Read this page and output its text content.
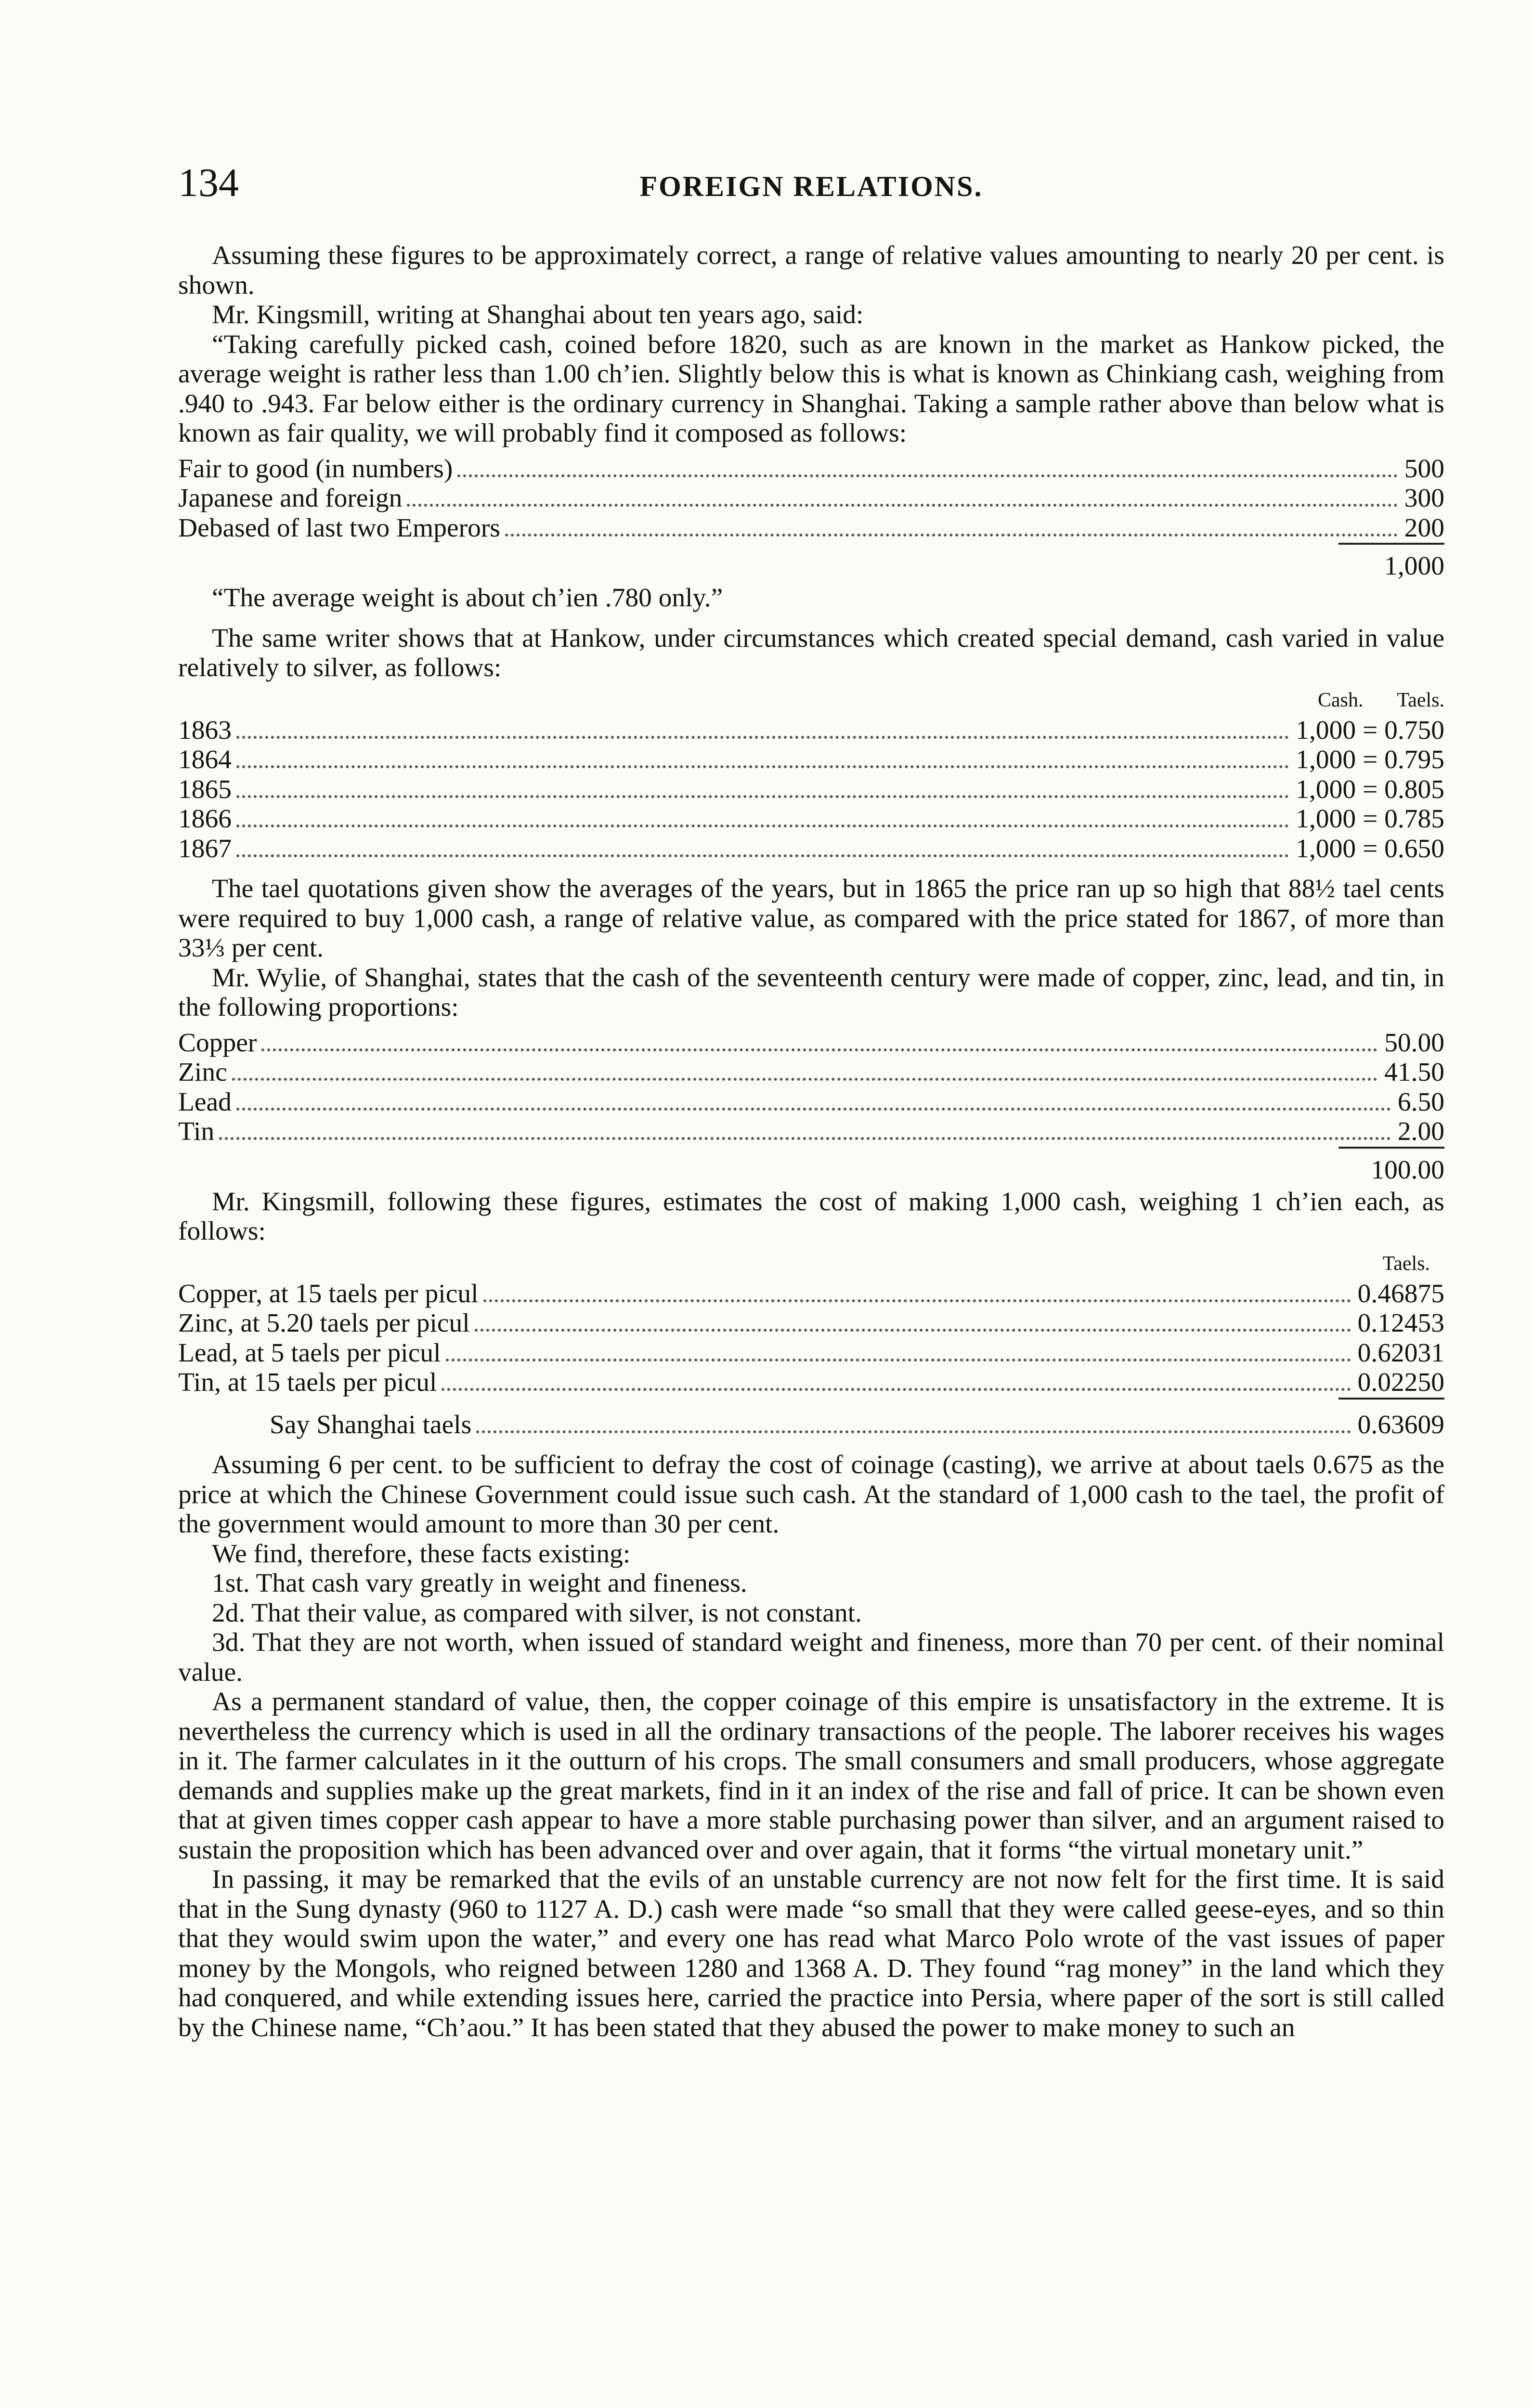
134	FOREIGN RELATIONS.

Assuming these figures to be approximately correct, a range of relative values amounting to nearly 20 per cent. is shown.

Mr. Kingsmill, writing at Shanghai about ten years ago, said:

“Taking carefully picked cash, coined before 1820, such as are known in the market as Hankow picked, the average weight is rather less than 1.00 ch’ien. Slightly below this is what is known as Chinkiang cash, weighing from .940 to .943. Far below either is the ordinary currency in Shanghai. Taking a sample rather above than below what is known as fair quality, we will probably find it composed as follows:

Fair to good (in numbers)	500
Japanese and foreign	300
Debased of last two Emperors	200
1,000

“The average weight is about ch’ien .780 only.”

The same writer shows that at Hankow, under circumstances which created special demand, cash varied in value relatively to silver, as follows:

Cash. Taels.
1863	1,000 = 0.750
1864	1,000 = 0.795
1865	1,000 = 0.805
1866	1,000 = 0.785
1867	1,000 = 0.650

The tael quotations given show the averages of the years, but in 1865 the price ran up so high that 88½ tael cents were required to buy 1,000 cash, a range of relative value, as compared with the price stated for 1867, of more than 33⅓ per cent.

Mr. Wylie, of Shanghai, states that the cash of the seventeenth century were made of copper, zinc, lead, and tin, in the following proportions:

Copper	50.00
Zinc	41.50
Lead	6.50
Tin	2.00
100.00

Mr. Kingsmill, following these figures, estimates the cost of making 1,000 cash, weighing 1 ch’ien each, as follows:

Taels.
Copper, at 15 taels per picul	0.46875
Zinc, at 5.20 taels per picul	0.12453
Lead, at 5 taels per picul	0.62031
Tin, at 15 taels per picul	0.02250
Say Shanghai taels	0.63609

Assuming 6 per cent. to be sufficient to defray the cost of coinage (casting), we arrive at about taels 0.675 as the price at which the Chinese Government could issue such cash. At the standard of 1,000 cash to the tael, the profit of the government would amount to more than 30 per cent.

We find, therefore, these facts existing:

1st. That cash vary greatly in weight and fineness.

2d. That their value, as compared with silver, is not constant.

3d. That they are not worth, when issued of standard weight and fineness, more than 70 per cent. of their nominal value.

As a permanent standard of value, then, the copper coinage of this empire is unsatisfactory in the extreme. It is nevertheless the currency which is used in all the ordinary transactions of the people. The laborer receives his wages in it. The farmer calculates in it the outturn of his crops. The small consumers and small producers, whose aggregate demands and supplies make up the great markets, find in it an index of the rise and fall of price. It can be shown even that at given times copper cash appear to have a more stable purchasing power than silver, and an argument raised to sustain the proposition which has been advanced over and over again, that it forms “the virtual monetary unit.”

In passing, it may be remarked that the evils of an unstable currency are not now felt for the first time. It is said that in the Sung dynasty (960 to 1127 A. D.) cash were made “so small that they were called geese-eyes, and so thin that they would swim upon the water,” and every one has read what Marco Polo wrote of the vast issues of paper money by the Mongols, who reigned between 1280 and 1368 A. D. They found “rag money” in the land which they had conquered, and while extending issues here, carried the practice into Persia, where paper of the sort is still called by the Chinese name, “Ch’aou.” It has been stated that they abused the power to make money to such an
